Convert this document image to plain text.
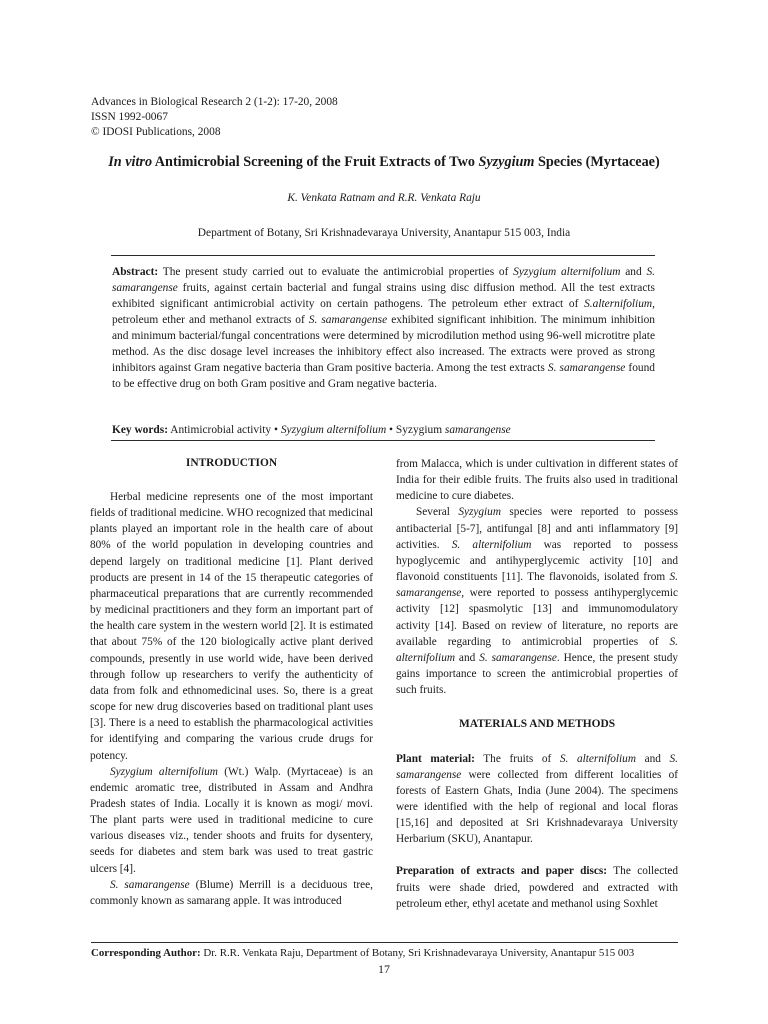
Advances in Biological Research 2 (1-2): 17-20, 2008
ISSN 1992-0067
© IDOSI Publications, 2008
In vitro Antimicrobial Screening of the Fruit Extracts of Two Syzygium Species (Myrtaceae)
K. Venkata Ratnam and R.R. Venkata Raju
Department of Botany, Sri Krishnadevaraya University, Anantapur 515 003, India
Abstract: The present study carried out to evaluate the antimicrobial properties of Syzygium alternifolium and S. samarangense fruits, against certain bacterial and fungal strains using disc diffusion method. All the test extracts exhibited significant antimicrobial activity on certain pathogens. The petroleum ether extract of S.alternifolium, petroleum ether and methanol extracts of S. samarangense exhibited significant inhibition. The minimum inhibition and minimum bacterial/fungal concentrations were determined by microdilution method using 96-well microtitre plate method. As the disc dosage level increases the inhibitory effect also increased. The extracts were proved as strong inhibitors against Gram negative bacteria than Gram positive bacteria. Among the test extracts S. samarangense found to be effective drug on both Gram positive and Gram negative bacteria.
Key words: Antimicrobial activity • Syzygium alternifolium • Syzygium samarangense
INTRODUCTION

Herbal medicine represents one of the most important fields of traditional medicine. WHO recognized that medicinal plants played an important role in the health care of about 80% of the world population in developing countries and depend largely on traditional medicine [1]. Plant derived products are present in 14 of the 15 therapeutic categories of pharmaceutical preparations that are currently recommended by medicinal practitioners and they form an important part of the health care system in the western world [2]. It is estimated that about 75% of the 120 biologically active plant derived compounds, presently in use world wide, have been derived through follow up researchers to verify the authenticity of data from folk and ethnomedicinal uses. So, there is a great scope for new drug discoveries based on traditional plant uses [3]. There is a need to establish the pharmacological activities for identifying and comparing the various crude drugs for potency.

Syzygium alternifolium (Wt.) Walp. (Myrtaceae) is an endemic aromatic tree, distributed in Assam and Andhra Pradesh states of India. Locally it is known as mogi/ movi. The plant parts were used in traditional medicine to cure various diseases viz., tender shoots and fruits for dysentery, seeds for diabetes and stem bark was used to treat gastric ulcers [4].

S. samarangense (Blume) Merrill is a deciduous tree, commonly known as samarang apple. It was introduced

from Malacca, which is under cultivation in different states of India for their edible fruits. The fruits also used in traditional medicine to cure diabetes.

Several Syzygium species were reported to possess antibacterial [5-7], antifungal [8] and anti inflammatory [9] activities. S. alternifolium was reported to possess hypoglycemic and antihyperglycemic activity [10] and flavonoid constituents [11]. The flavonoids, isolated from S. samarangense, were reported to possess antihyperglycemic activity [12] spasmolytic [13] and immunomodulatory activity [14]. Based on review of literature, no reports are available regarding to antimicrobial properties of S. alternifolium and S. samarangense. Hence, the present study gains importance to screen the antimicrobial properties of such fruits.

MATERIALS AND METHODS

Plant material: The fruits of S. alternifolium and S. samarangense were collected from different localities of forests of Eastern Ghats, India (June 2004). The specimens were identified with the help of regional and local floras [15,16] and deposited at Sri Krishnadevaraya University Herbarium (SKU), Anantapur.

Preparation of extracts and paper discs: The collected fruits were shade dried, powdered and extracted with petroleum ether, ethyl acetate and methanol using Soxhlet

Corresponding Author: Dr. R.R. Venkata Raju, Department of Botany, Sri Krishnadevaraya University, Anantapur 515 003
17
